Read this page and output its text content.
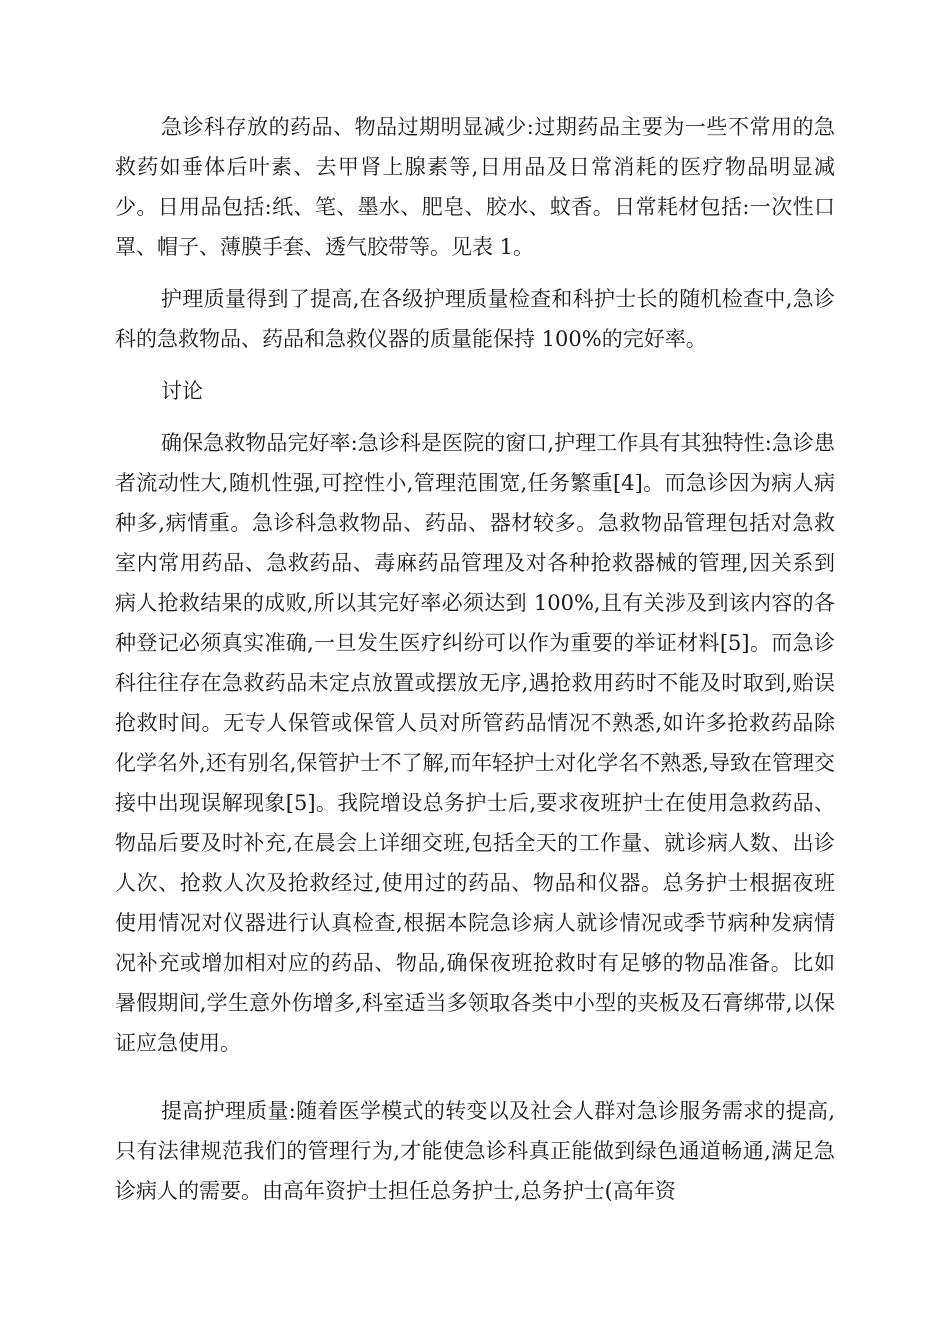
急诊科存放的药品、物品过期明显减少:过期药品主要为一些不常用的急救药如垂体后叶素、去甲肾上腺素等,日用品及日常消耗的医疗物品明显减少。日用品包括:纸、笔、墨水、肥皂、胶水、蚊香。日常耗材包括:一次性口罩、帽子、薄膜手套、透气胶带等。见表 1。

护理质量得到了提高,在各级护理质量检查和科护士长的随机检查中,急诊科的急救物品、药品和急救仪器的质量能保持 100%的完好率。

讨论

确保急救物品完好率:急诊科是医院的窗口,护理工作具有其独特性:急诊患者流动性大,随机性强,可控性小,管理范围宽,任务繁重[4]。而急诊因为病人病种多,病情重。急诊科急救物品、药品、器材较多。急救物品管理包括对急救室内常用药品、急救药品、毒麻药品管理及对各种抢救器械的管理,因关系到病人抢救结果的成败,所以其完好率必须达到 100%,且有关涉及到该内容的各种登记必须真实准确,一旦发生医疗纠纷可以作为重要的举证材料[5]。而急诊科往往存在急救药品未定点放置或摆放无序,遇抢救用药时不能及时取到,贻误抢救时间。无专人保管或保管人员对所管药品情况不熟悉,如许多抢救药品除化学名外,还有别名,保管护士不了解,而年轻护士对化学名不熟悉,导致在管理交接中出现误解现象[5]。我院增设总务护士后,要求夜班护士在使用急救药品、物品后要及时补充,在晨会上详细交班,包括全天的工作量、就诊病人数、出诊人次、抢救人次及抢救经过,使用过的药品、物品和仪器。总务护士根据夜班使用情况对仪器进行认真检查,根据本院急诊病人就诊情况或季节病种发病情况补充或增加相对应的药品、物品,确保夜班抢救时有足够的物品准备。比如暑假期间,学生意外伤增多,科室适当多领取各类中小型的夹板及石膏绑带,以保证应急使用。

提高护理质量:随着医学模式的转变以及社会人群对急诊服务需求的提高,只有法律规范我们的管理行为,才能使急诊科真正能做到绿色通道畅通,满足急诊病人的需要。由高年资护士担任总务护士,总务护士(高年资
